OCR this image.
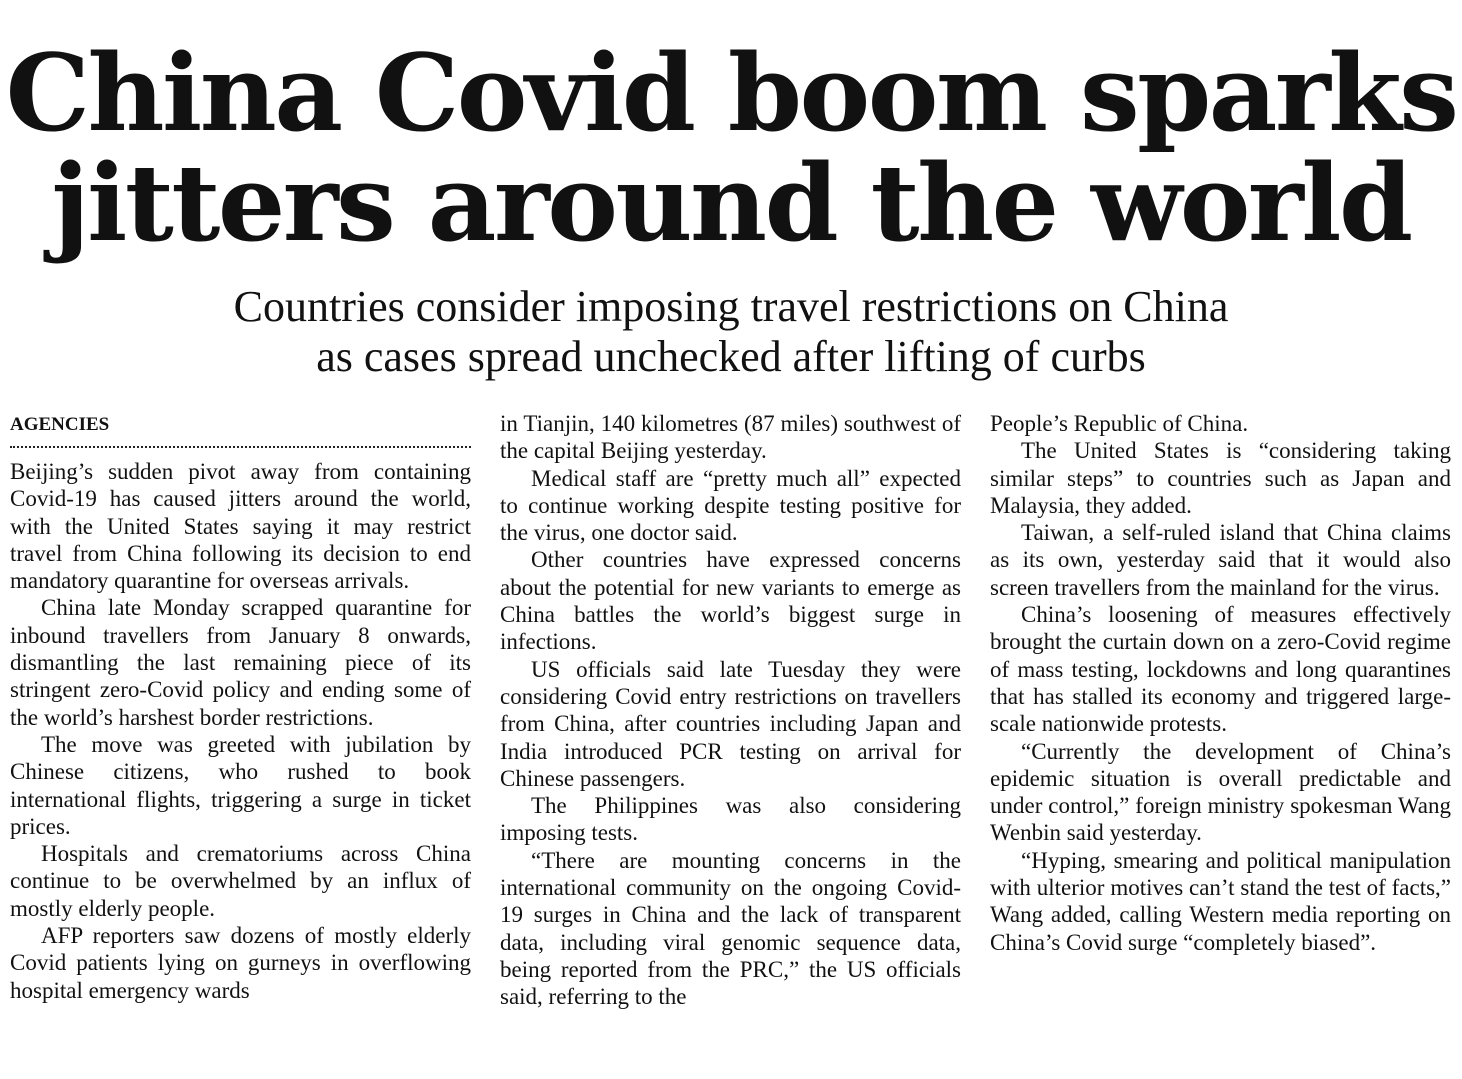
China Covid boom sparks
jitters around the world
Countries consider imposing travel restrictions on China
as cases spread unchecked after lifting of curbs
AGENCIES

Beijing’s sudden pivot away from containing Covid-19 has caused jitters around the world, with the United States saying it may restrict travel from China following its decision to end mandatory quarantine for overseas arrivals.

China late Monday scrapped quarantine for inbound travellers from January 8 onwards, dismantling the last remaining piece of its stringent zero-Covid policy and ending some of the world’s harshest border restrictions.

The move was greeted with jubilation by Chinese citizens, who rushed to book international flights, triggering a surge in ticket prices.

Hospitals and crematoriums across China continue to be overwhelmed by an influx of mostly elderly people.

AFP reporters saw dozens of mostly elderly Covid patients lying on gurneys in overflowing hospital emergency wards

in Tianjin, 140 kilometres (87 miles) southwest of the capital Beijing yesterday.

Medical staff are “pretty much all” expected to continue working despite testing positive for the virus, one doctor said.

Other countries have expressed concerns about the potential for new variants to emerge as China battles the world’s biggest surge in infections.

US officials said late Tuesday they were considering Covid entry restrictions on travellers from China, after countries including Japan and India introduced PCR testing on arrival for Chinese passengers.

The Philippines was also considering imposing tests.

“There are mounting concerns in the international community on the ongoing Covid-19 surges in China and the lack of transparent data, including viral genomic sequence data, being reported from the PRC,” the US officials said, referring to the

People’s Republic of China.

The United States is “considering taking similar steps” to countries such as Japan and Malaysia, they added.

Taiwan, a self-ruled island that China claims as its own, yesterday said that it would also screen travellers from the mainland for the virus.

China’s loosening of measures effectively brought the curtain down on a zero-Covid regime of mass testing, lockdowns and long quarantines that has stalled its economy and triggered large-scale nationwide protests.

“Currently the development of China’s epidemic situation is overall predictable and under control,” foreign ministry spokesman Wang Wenbin said yesterday.

“Hyping, smearing and political manipulation with ulterior motives can’t stand the test of facts,” Wang added, calling Western media reporting on China’s Covid surge “completely biased”.
